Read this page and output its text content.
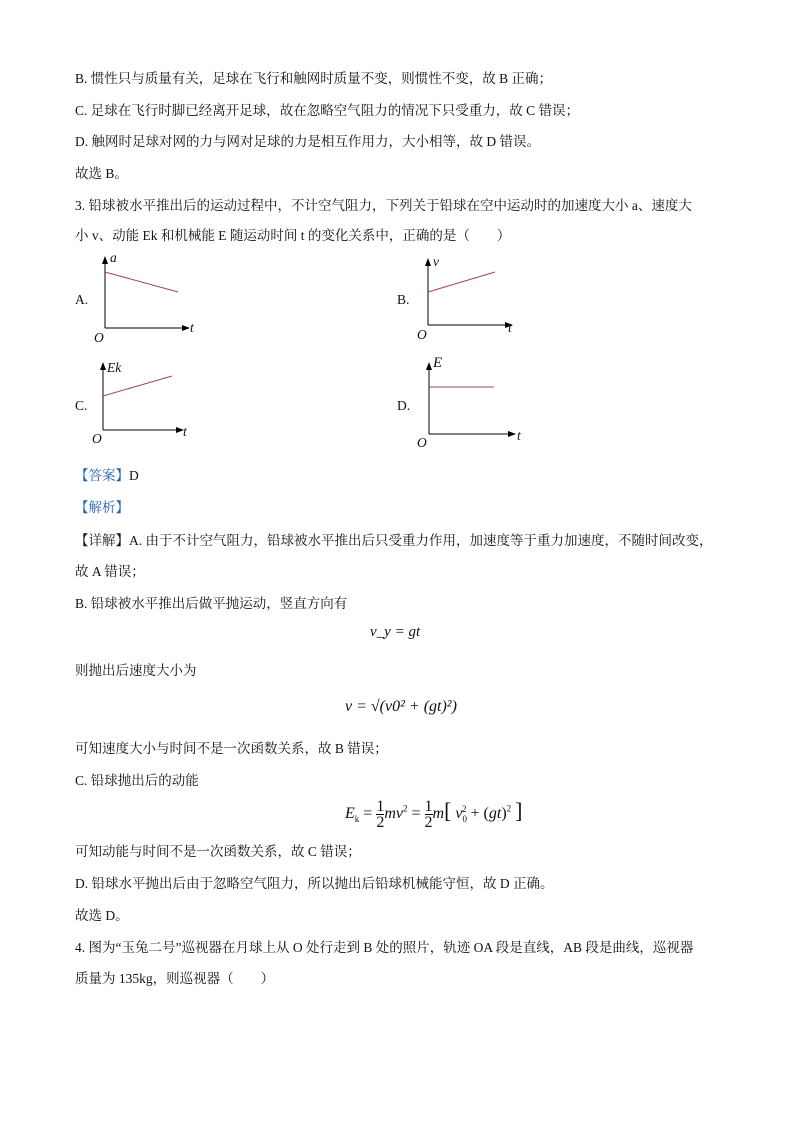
B. 惯性只与质量有关，足球在飞行和触网时质量不变，则惯性不变，故 B 正确；
C. 足球在飞行时脚已经离开足球，故在忽略空气阻力的情况下只受重力，故 C 错误；
D. 触网时足球对网的力与网对足球的力是相互作用力，大小相等，故 D 错误。
故选 B。
3. 铅球被水平推出后的运动过程中，不计空气阻力，下列关于铅球在空中运动时的加速度大小 a、速度大
小 v、动能 Ek 和机械能 E 随运动时间 t 的变化关系中，正确的是（　　）
A.
a
t
O
B.
v
t
O
C.
Ek
t
O
D.
E
t
O
【答案】D
【解析】
【详解】A. 由于不计空气阻力，铅球被水平推出后只受重力作用，加速度等于重力加速度，不随时间改变，
故 A 错误；
B. 铅球被水平推出后做平抛运动，竖直方向有
v_y = gt
则抛出后速度大小为
v = √(v0² + (gt)²)
可知速度大小与时间不是一次函数关系，故 B 错误；
C. 铅球抛出后的动能
$E_k = 1$

2
$mv^2 = 1$

2
m[ $v_0^2 + (gt)^2$ ]
可知动能与时间不是一次函数关系，故 C 错误；
D. 铅球水平抛出后由于忽略空气阻力，所以抛出后铅球机械能守恒，故 D 正确。
故选 D。
4. 图为“玉兔二号”巡视器在月球上从 O 处行走到 B 处的照片，轨迹 OA 段是直线，AB 段是曲线，巡视器
质量为 135kg，则巡视器（　　）
